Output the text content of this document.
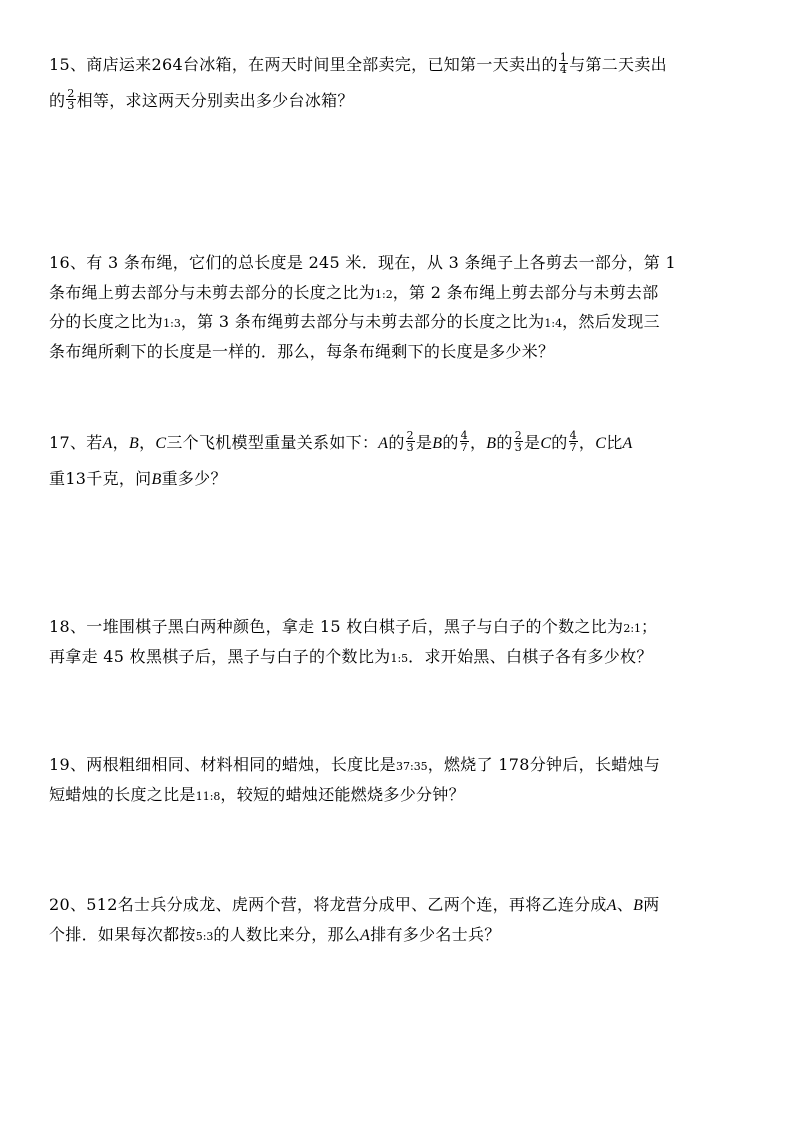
15、商店运来264台冰箱，在两天时间里全部卖完，已知第一天卖出的 $\frac{1}{4}$ 与第二天卖出
的 $\frac{2}{3}$ 相等，求这两天分别卖出多少台冰箱？
16、有 3 条布绳，它们的总长度是 245 米．现在，从 3 条绳子上各剪去一部分，第 1
条布绳上剪去部分与未剪去部分的长度之比为1:2，第 2 条布绳上剪去部分与未剪去部
分的长度之比为1:3，第 3 条布绳剪去部分与未剪去部分的长度之比为1:4，然后发现三
条布绳所剩下的长度是一样的．那么，每条布绳剩下的长度是多少米？
17、若A，B，C三个飞机模型重量关系如下：A的 $\frac{2}{3}$ 是B的 $\frac{4}{7}$ ，B的 $\frac{2}{3}$ 是C的 $\frac{4}{7}$ ，C比A
重13千克，问B重多少？
18、一堆围棋子黑白两种颜色，拿走 15 枚白棋子后，黑子与白子的个数之比为2:1；
再拿走 45 枚黑棋子后，黑子与白子的个数比为1:5．求开始黑、白棋子各有多少枚？
19、两根粗细相同、材料相同的蜡烛，长度比是37:35，燃烧了 178分钟后，长蜡烛与
短蜡烛的长度之比是11:8，较短的蜡烛还能燃烧多少分钟？
20、512名士兵分成龙、虎两个营，将龙营分成甲、乙两个连，再将乙连分成A、B两
个排．如果每次都按5:3的人数比来分，那么A排有多少名士兵？
